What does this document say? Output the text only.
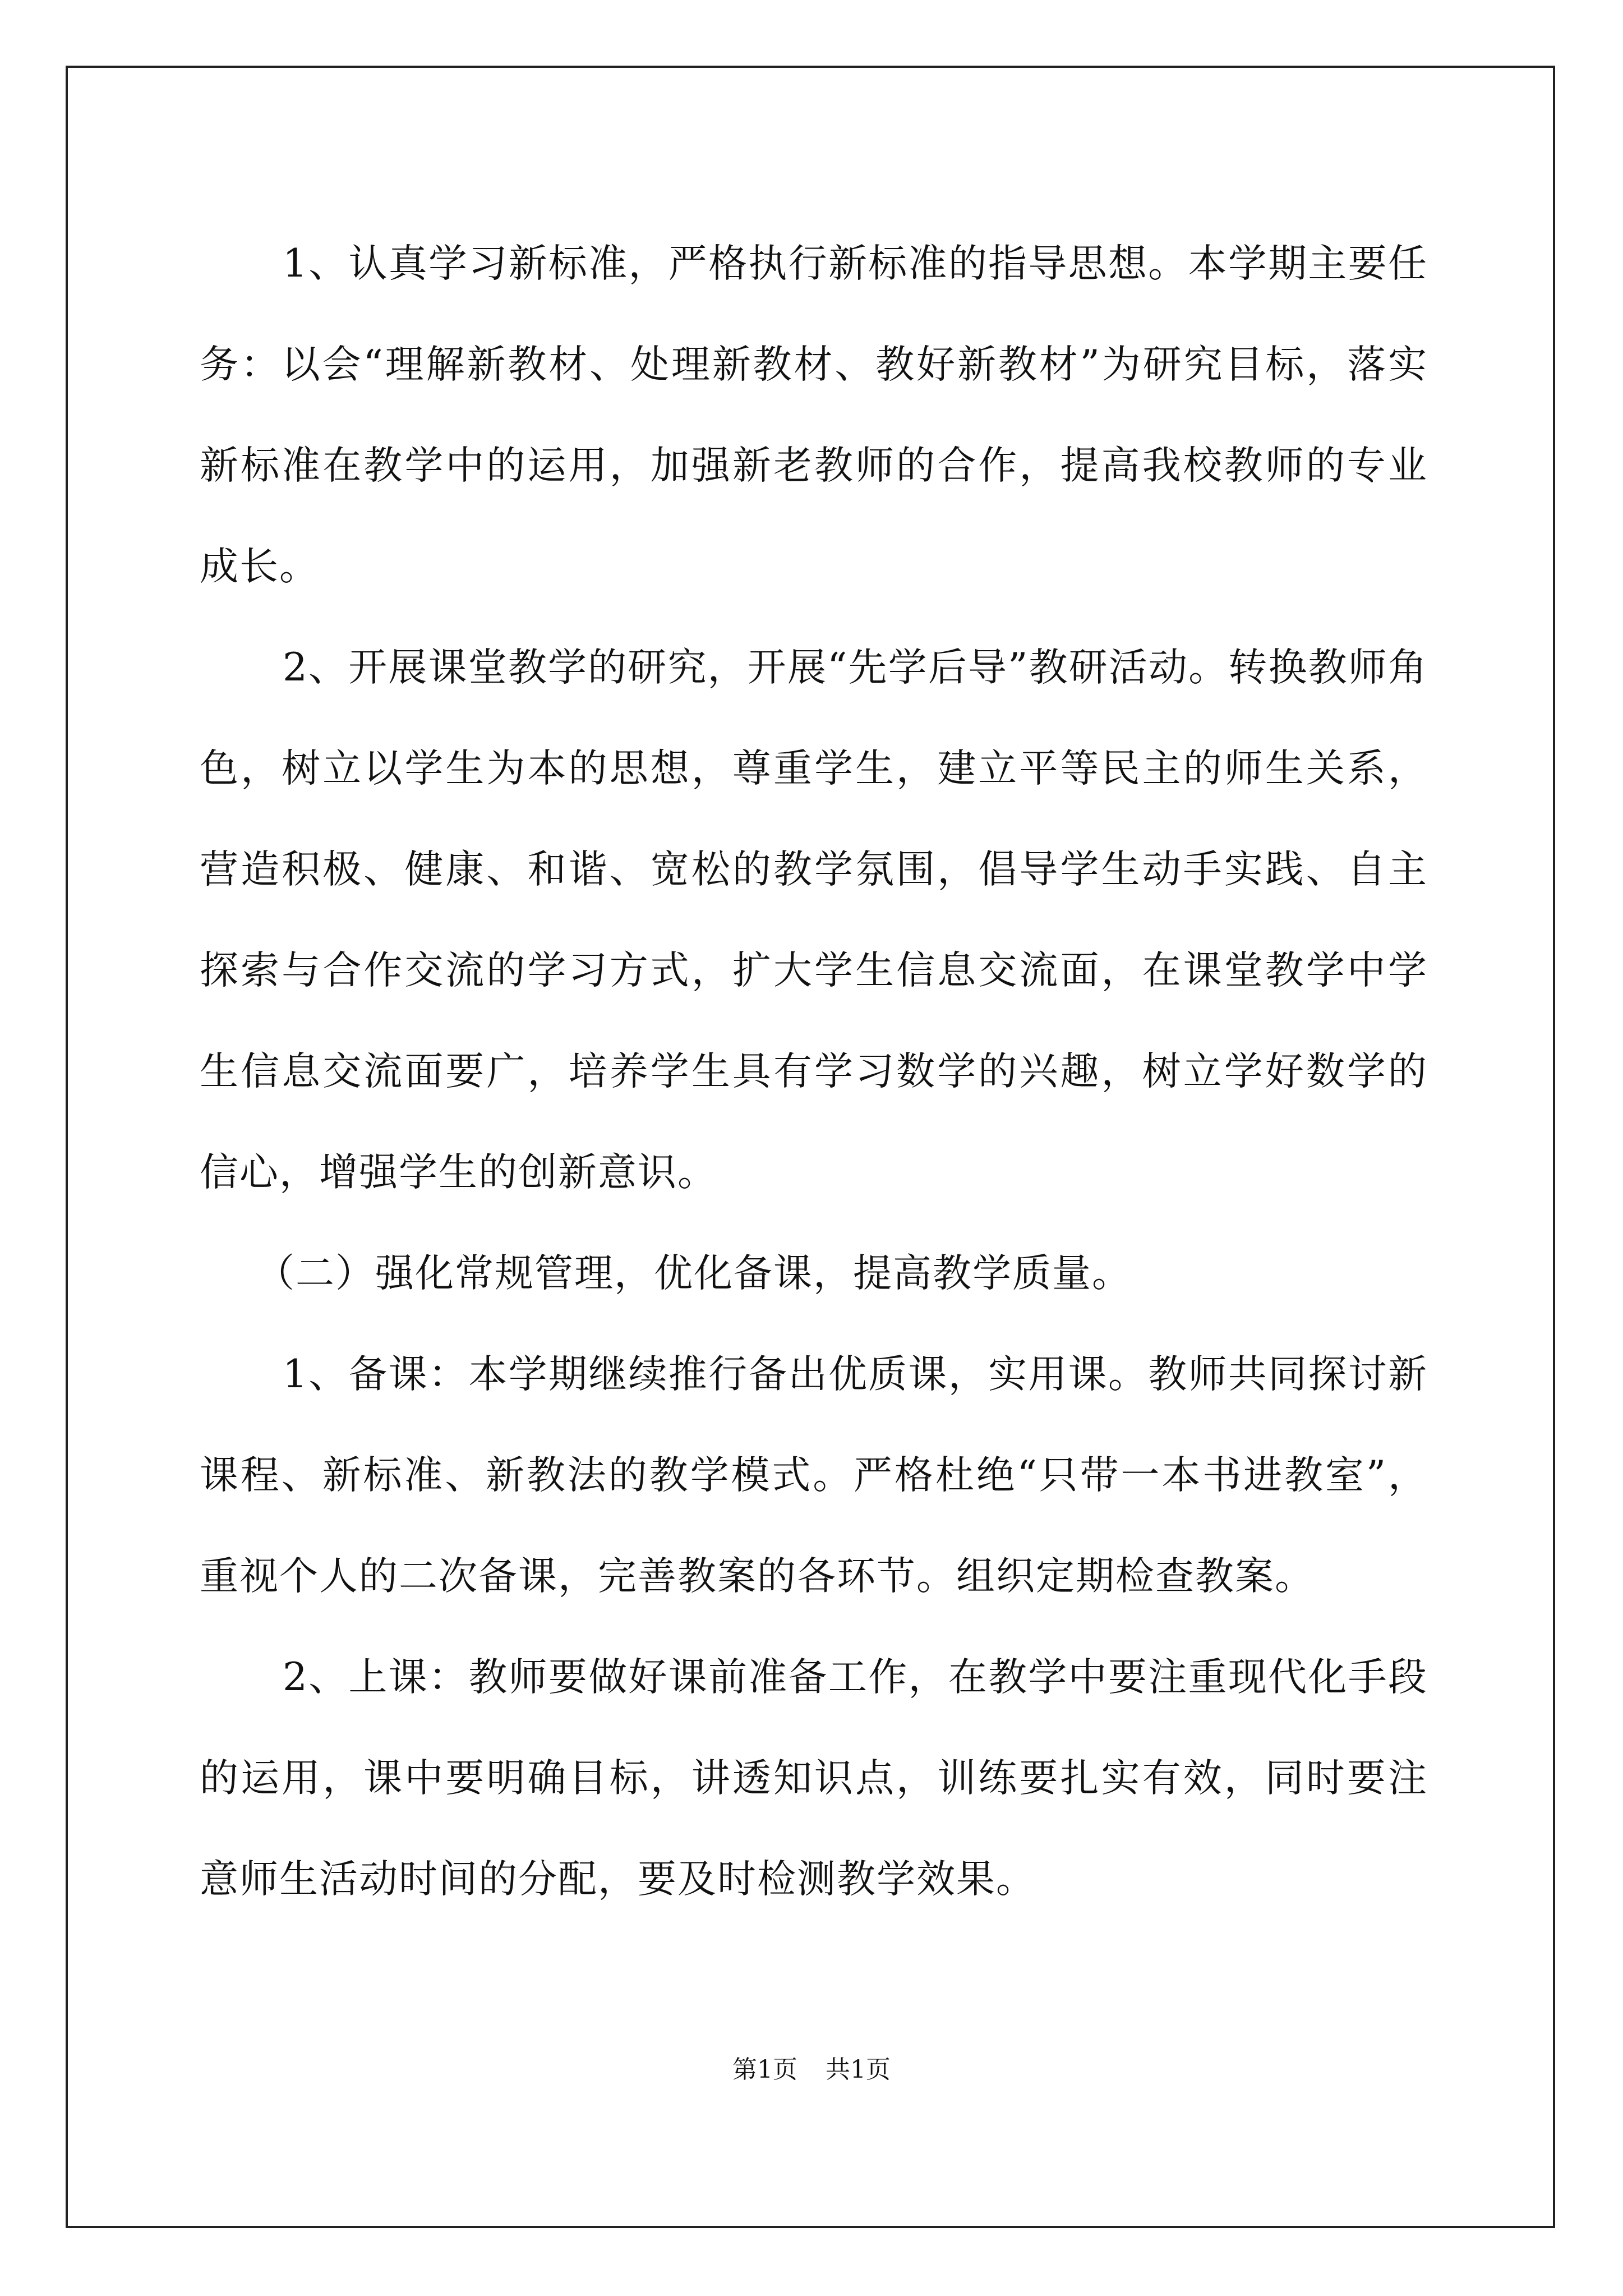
1、认真学习新标准，严格执行新标准的指导思想。本学期主要任务：以会“理解新教材、处理新教材、教好新教材”为研究目标，落实新标准在教学中的运用，加强新老教师的合作，提高我校教师的专业成长。

2、开展课堂教学的研究，开展“先学后导”教研活动。转换教师角色，树立以学生为本的思想，尊重学生，建立平等民主的师生关系，营造积极、健康、和谐、宽松的教学氛围，倡导学生动手实践、自主探索与合作交流的学习方式，扩大学生信息交流面，在课堂教学中学生信息交流面要广，培养学生具有学习数学的兴趣，树立学好数学的信心，增强学生的创新意识。

（二）强化常规管理，优化备课，提高教学质量。

1、备课：本学期继续推行备出优质课，实用课。教师共同探讨新课程、新标准、新教法的教学模式。严格杜绝“只带一本书进教室”，重视个人的二次备课，完善教案的各环节。组织定期检查教案。

2、上课：教师要做好课前准备工作，在教学中要注重现代化手段的运用，课中要明确目标，讲透知识点，训练要扎实有效，同时要注意师生活动时间的分配，要及时检测教学效果。

第1页 共1页
